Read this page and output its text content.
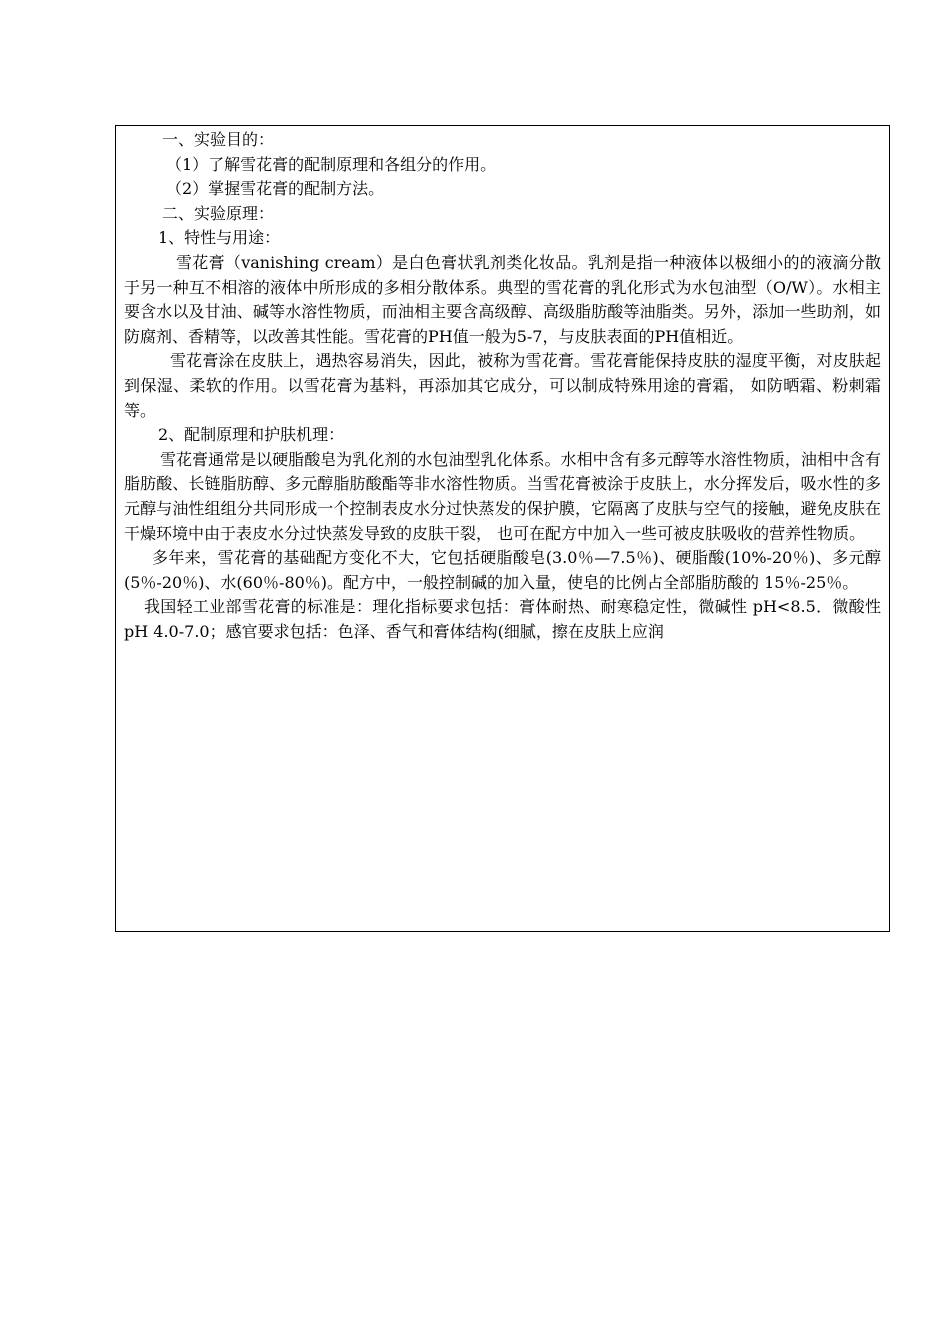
一、实验目的：

（1）了解雪花膏的配制原理和各组分的作用。

（2）掌握雪花膏的配制方法。

二、实验原理：

1、特性与用途：

雪花膏（vanishing cream）是白色膏状乳剂类化妆品。乳剂是指一种液体以极细小的的液滴分散于另一种互不相溶的液体中所形成的多相分散体系。典型的雪花膏的乳化形式为水包油型（O/W）。水相主要含水以及甘油、碱等水溶性物质，而油相主要含高级醇、高级脂肪酸等油脂类。另外，添加一些助剂，如防腐剂、香精等，以改善其性能。雪花膏的PH值一般为5-7，与皮肤表面的PH值相近。

雪花膏涂在皮肤上，遇热容易消失，因此，被称为雪花膏。雪花膏能保持皮肤的湿度平衡，对皮肤起到保湿、柔软的作用。以雪花膏为基料，再添加其它成分，可以制成特殊用途的膏霜， 如防晒霜、粉刺霜等。

2、配制原理和护肤机理：

雪花膏通常是以硬脂酸皂为乳化剂的水包油型乳化体系。水相中含有多元醇等水溶性物质，油相中含有脂肪酸、长链脂肪醇、多元醇脂肪酸酯等非水溶性物质。当雪花膏被涂于皮肤上，水分挥发后，吸水性的多元醇与油性组组分共同形成一个控制表皮水分过快蒸发的保护膜，它隔离了皮肤与空气的接触，避免皮肤在干燥环境中由于表皮水分过快蒸发导致的皮肤干裂， 也可在配方中加入一些可被皮肤吸收的营养性物质。

多年来，雪花膏的基础配方变化不大，它包括硬脂酸皂(3.0％—7.5％)、硬脂酸(10%-20％)、多元醇(5％-20％)、水(60％-80％)。配方中，一般控制碱的加入量，使皂的比例占全部脂肪酸的 15％-25％。

我国轻工业部雪花膏的标准是：理化指标要求包括：膏体耐热、耐寒稳定性，微碱性 pH<8.5．微酸性 pH 4.0-7.0；感官要求包括：色泽、香气和膏体结构(细腻，擦在皮肤上应润
